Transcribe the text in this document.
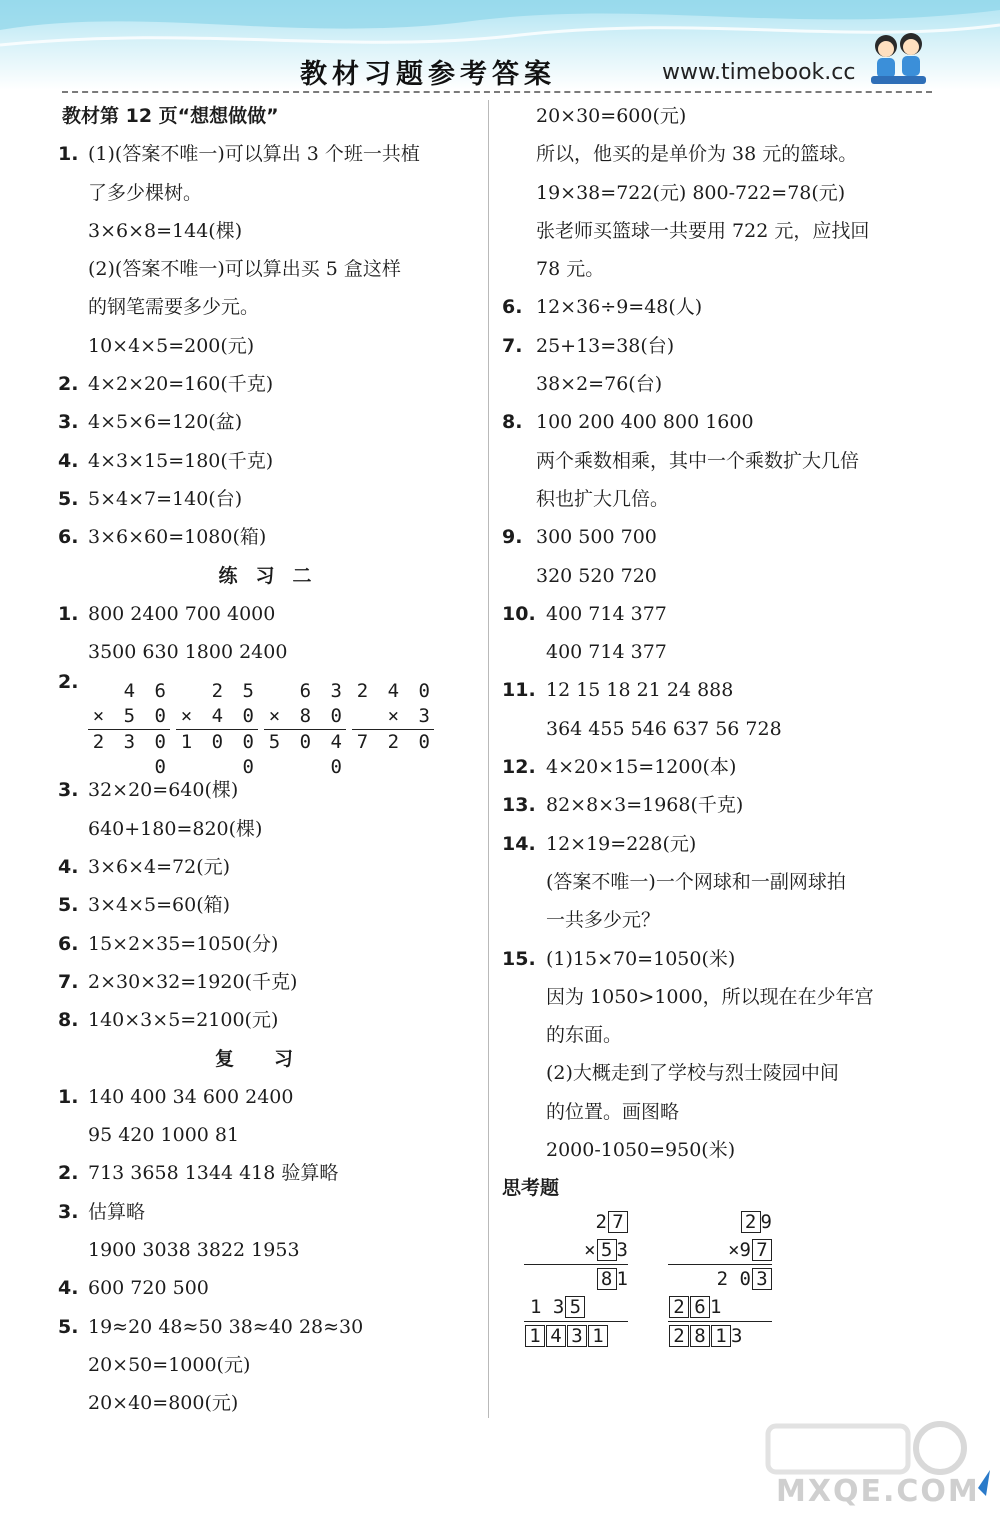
教材习题参考答案	www.timebook.cc
教材第 12 页“想想做做”
1. (1)(答案不唯一)可以算出 3 个班一共植
了多少棵树。
3×6×8=144(棵)
(2)(答案不唯一)可以算出买 5 盒这样
的钢笔需要多少元。
10×4×5=200(元)
2. 4×2×20=160(千克)
3. 4×5×6=120(盆)
4. 4×3×15=180(千克)
5. 5×4×7=140(台)
6. 3×6×60=1080(箱)
练习二
1. 800 2400 700 4000
3500 630 1800 2400
2.	4 6
× 5 0
2 3 0 0
2 5
× 4 0
1 0 0 0
6 3
× 8 0
5 0 4 0
2 4 0
× 3
7 2 0
3. 32×20=640(棵)
640+180=820(棵)
4. 3×6×4=72(元)
5. 3×4×5=60(箱)
6. 15×2×35=1050(分)
7. 2×30×32=1920(千克)
8. 140×3×5=2100(元)
复习
1. 140 400 34 600 2400
95 420 1000 81
2. 713 3658 1344 418 验算略
3. 估算略
1900 3038 3822 1953
4. 600 720 500
5. 19≈20 48≈50 38≈40 28≈30
20×50=1000(元)
20×40=800(元)
20×30=600(元)
所以，他买的是单价为 38 元的篮球。
19×38=722(元) 800-722=78(元)
张老师买篮球一共要用 722 元，应找回
78 元。
6. 12×36÷9=48(人)
7. 25+13=38(台)
38×2=76(台)
8. 100 200 400 800 1600
两个乘数相乘，其中一个乘数扩大几倍
积也扩大几倍。
9. 300 500 700
320 520 720
10. 400 714 377
400 714 377
11. 12 15 18 21 24 888
364 455 546 637 56 728
12. 4×20×15=1200(本)
13. 82×8×3=1968(千克)
14. 12×19=228(元)
(答案不唯一)一个网球和一副网球拍
一共多少元？
15. (1)15×70=1050(米)
因为 1050>1000，所以现在在少年宫
的东面。
(2)大概走到了学校与烈士陵园中间
的位置。画图略
2000-1050=950(米)
思考题
2 7
× 5 3
8 1
1 3 5
1 4 3 1
2 9
×9 7
2 0 3
2 6 1
2 8 1 3
MXQE.COM
